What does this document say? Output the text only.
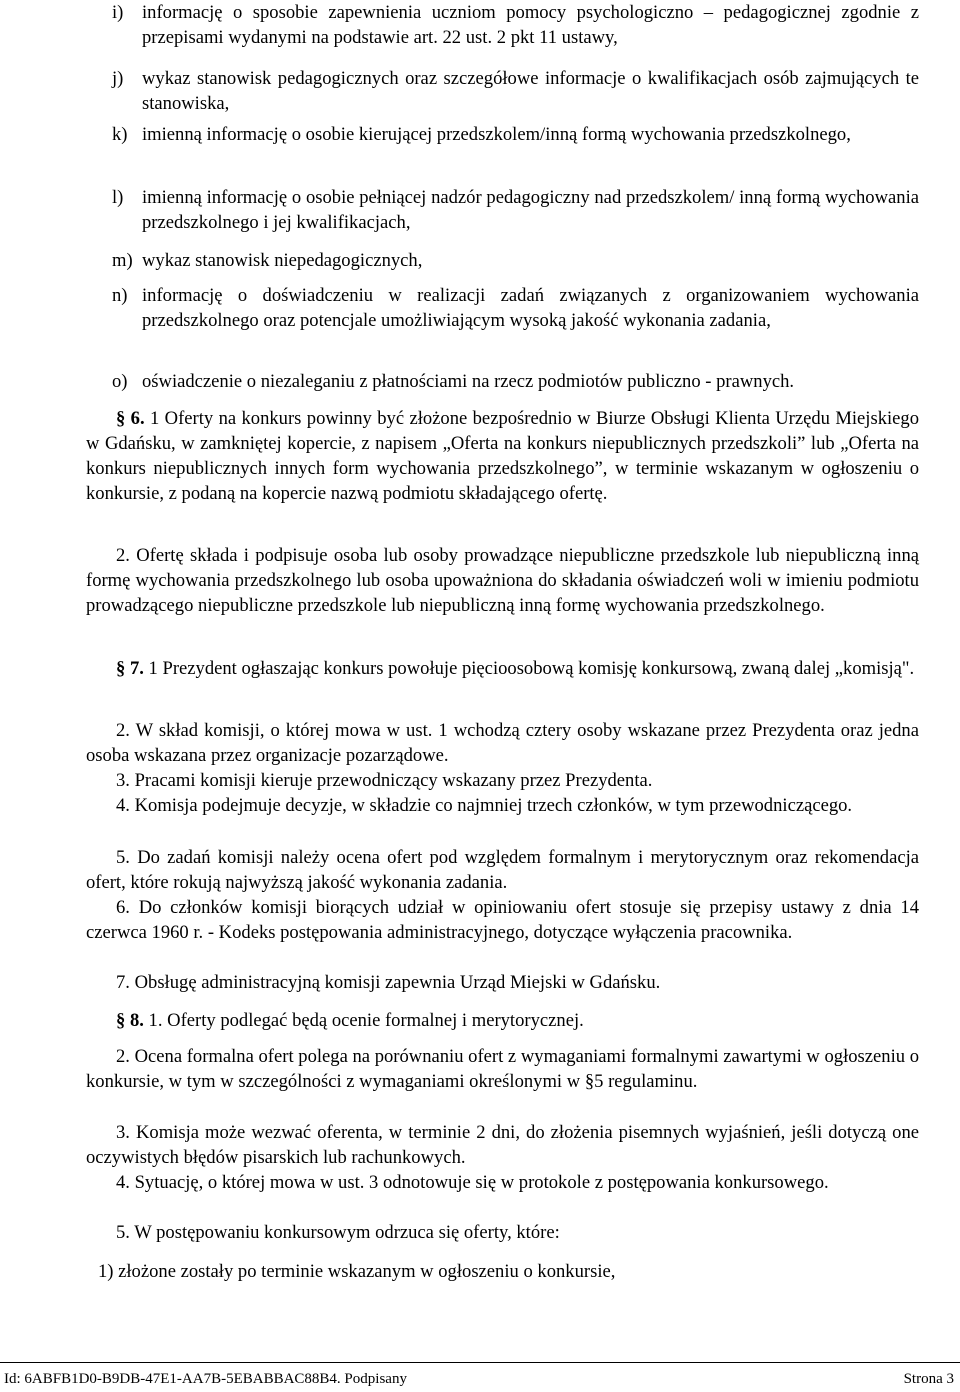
i)	informację o sposobie zapewnienia uczniom pomocy psychologiczno – pedagogicznej zgodnie z przepisami wydanymi na podstawie art. 22 ust. 2 pkt 11 ustawy,
j)	wykaz stanowisk pedagogicznych oraz szczegółowe informacje o kwalifikacjach osób zajmujących te stanowiska,
k) imienną informację o osobie kierującej przedszkolem/inną formą wychowania przedszkolnego,
l)	imienną informację o osobie pełniącej nadzór pedagogiczny nad przedszkolem/ inną formą wychowania przedszkolnego i jej kwalifikacjach,
m) wykaz stanowisk niepedagogicznych,
n) informację o doświadczeniu w realizacji zadań związanych z organizowaniem wychowania przedszkolnego oraz potencjale umożliwiającym wysoką jakość wykonania zadania,
o) oświadczenie o niezaleganiu z płatnościami na rzecz podmiotów publiczno - prawnych.
§ 6. 1 Oferty na konkurs powinny być złożone bezpośrednio w Biurze Obsługi Klienta Urzędu Miejskiego w Gdańsku, w zamkniętej kopercie, z napisem „Oferta na konkurs niepublicznych przedszkoli” lub „Oferta na konkurs niepublicznych innych form wychowania przedszkolnego”, w terminie wskazanym w ogłoszeniu o konkursie, z podaną na kopercie nazwą podmiotu składającego ofertę.
2. Ofertę składa i podpisuje osoba lub osoby prowadzące niepubliczne przedszkole lub niepubliczną inną formę wychowania przedszkolnego lub osoba upoważniona do składania oświadczeń woli w imieniu podmiotu prowadzącego niepubliczne przedszkole lub niepubliczną inną formę wychowania przedszkolnego.
§ 7. 1 Prezydent ogłaszając konkurs powołuje pięcioosobową komisję konkursową, zwaną dalej „komisją".
2. W skład komisji, o której mowa w ust. 1 wchodzą cztery osoby wskazane przez Prezydenta oraz jedna osoba wskazana przez organizacje pozarządowe.
3. Pracami komisji kieruje przewodniczący wskazany przez Prezydenta.
4. Komisja podejmuje decyzje, w składzie co najmniej trzech członków, w tym przewodniczącego.
5. Do zadań komisji należy ocena ofert pod względem formalnym i merytorycznym oraz rekomendacja ofert, które rokują najwyższą jakość wykonania zadania.
6. Do członków komisji biorących udział w opiniowaniu ofert stosuje się przepisy ustawy z dnia 14 czerwca 1960 r. - Kodeks postępowania administracyjnego, dotyczące wyłączenia pracownika.
7. Obsługę administracyjną komisji zapewnia Urząd Miejski w Gdańsku.
§ 8. 1. Oferty podlegać będą ocenie formalnej i merytorycznej.
2. Ocena formalna ofert polega na porównaniu ofert z wymaganiami formalnymi zawartymi w ogłoszeniu o konkursie, w tym w szczególności z wymaganiami określonymi w §5 regulaminu.
3. Komisja może wezwać oferenta, w terminie 2 dni, do złożenia pisemnych wyjaśnień, jeśli dotyczą one oczywistych błędów pisarskich lub rachunkowych.
4. Sytuację, o której mowa w ust. 3 odnotowuje się w protokole z postępowania konkursowego.
5. W postępowaniu konkursowym odrzuca się oferty, które:
1) złożone zostały po terminie wskazanym w ogłoszeniu o konkursie,
Id: 6ABFB1D0-B9DB-47E1-AA7B-5EBABBAC88B4. Podpisany	Strona 3
